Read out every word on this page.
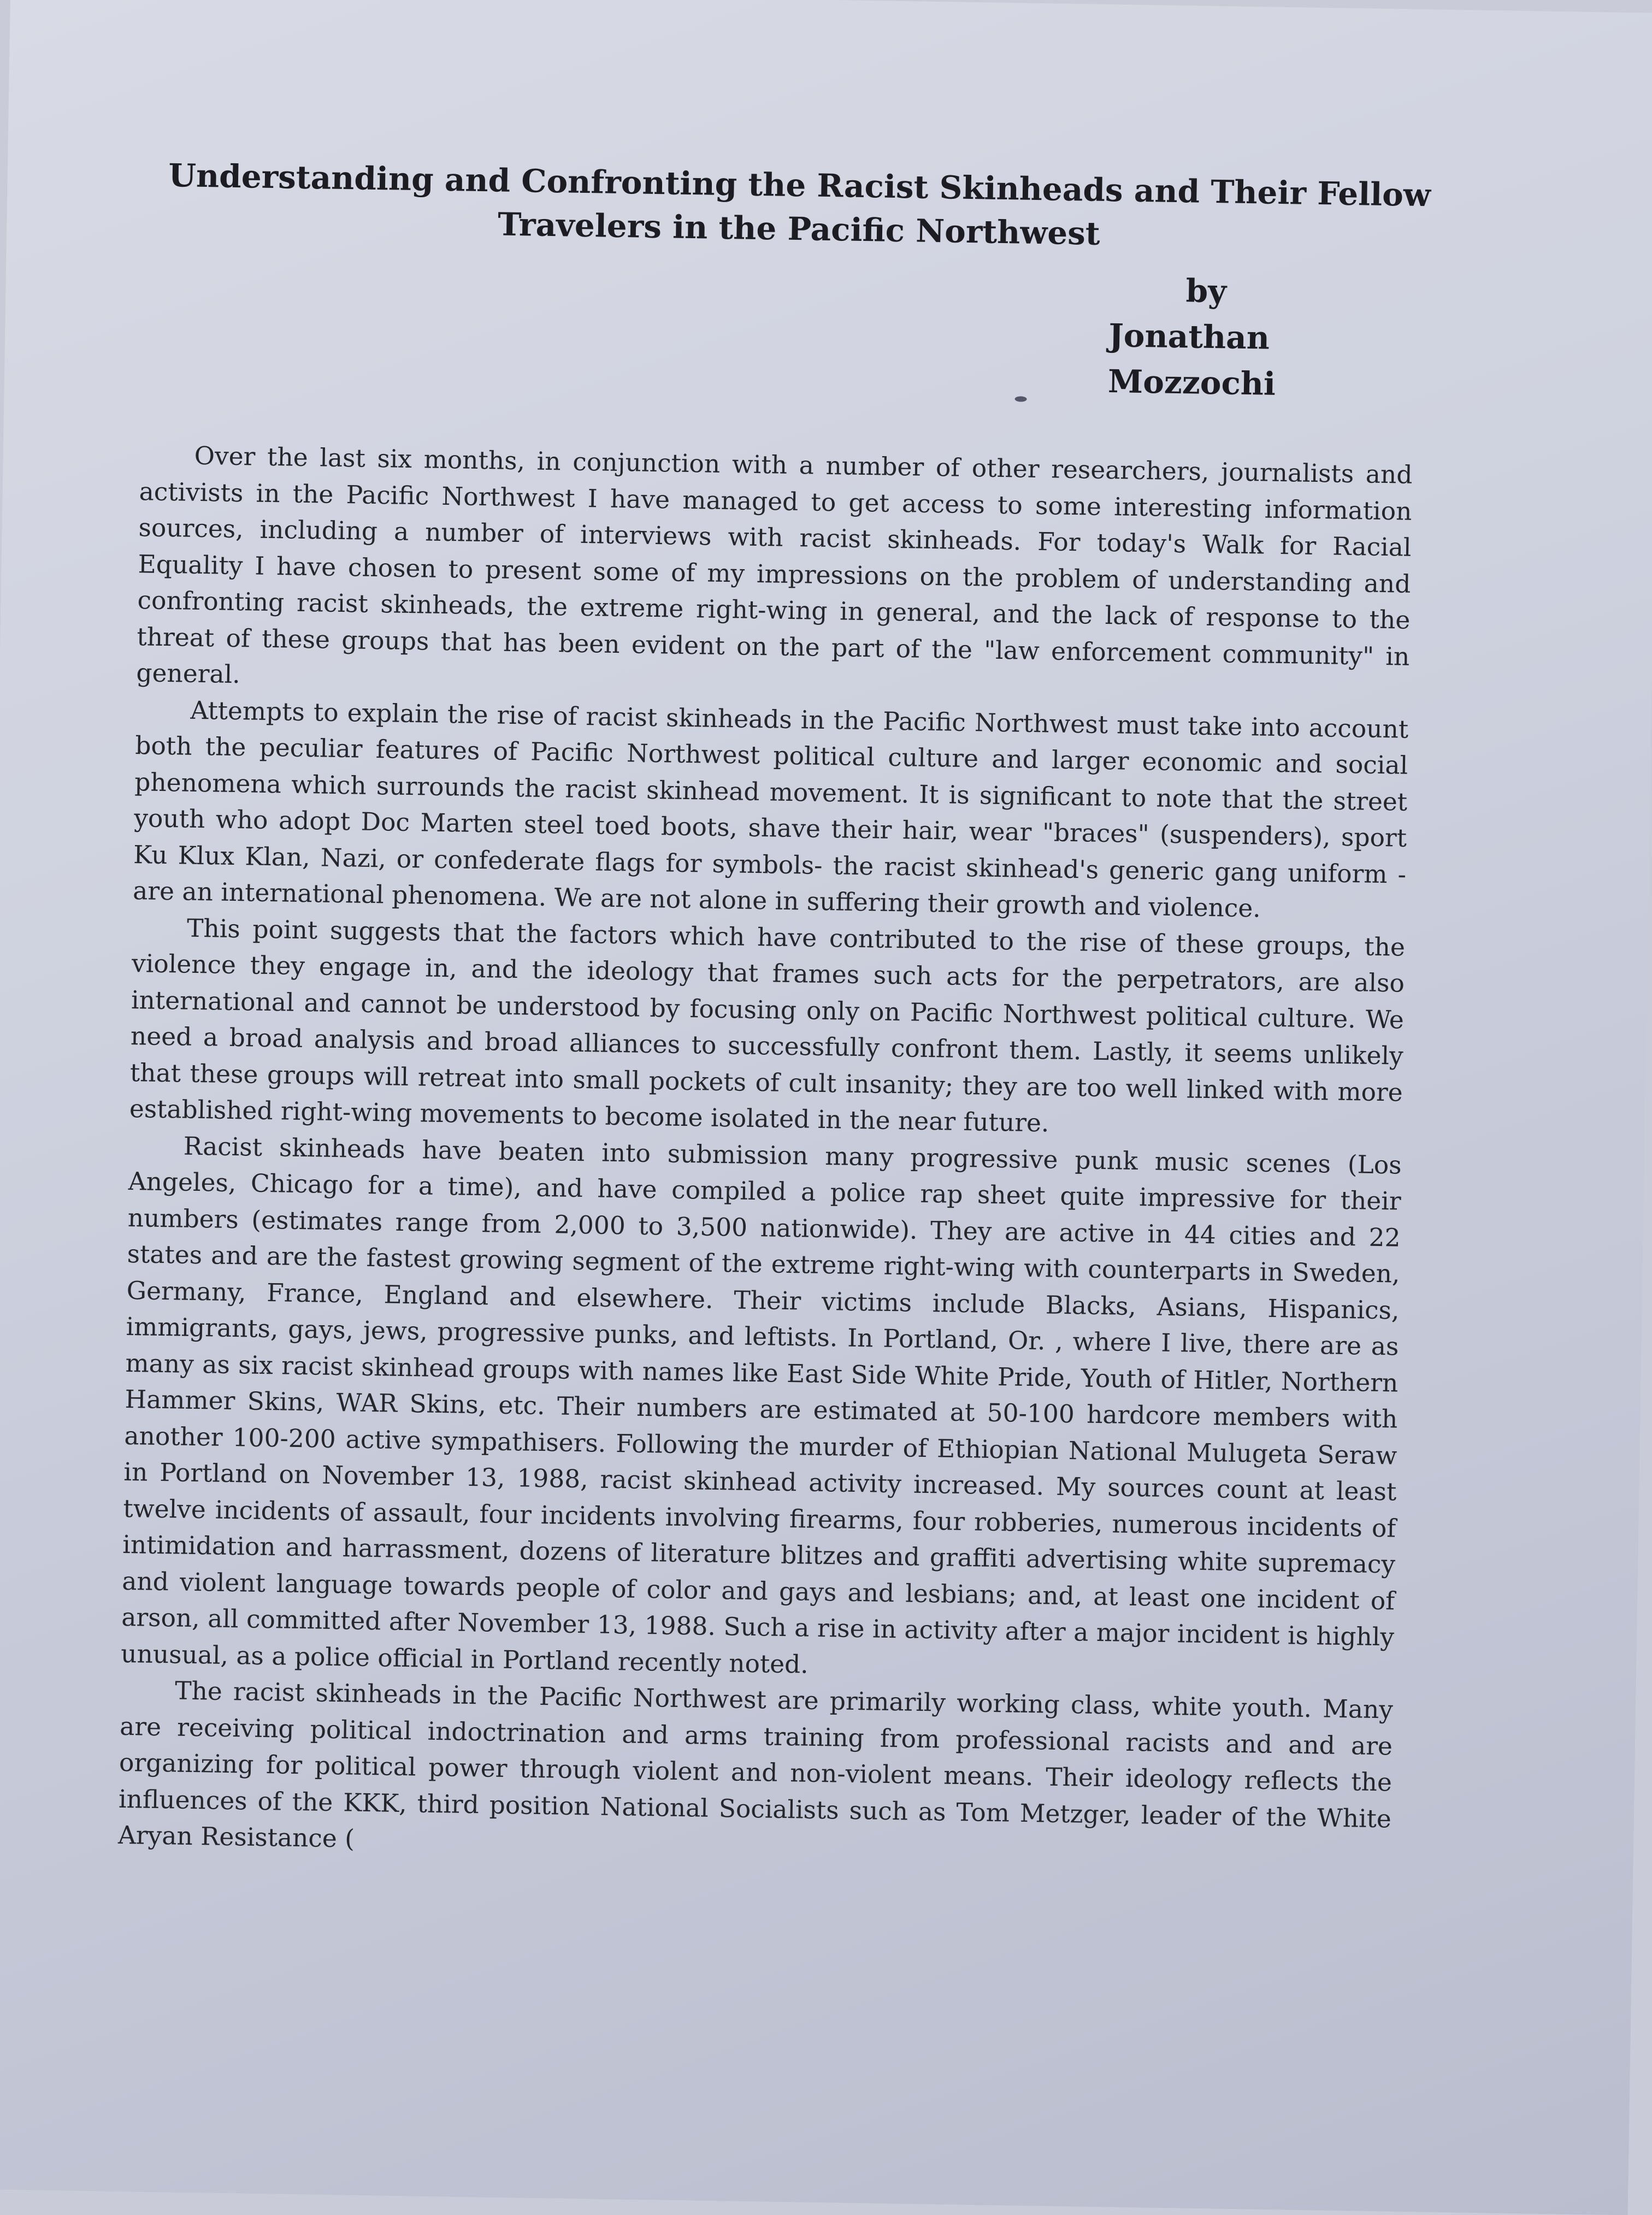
Understanding and Confronting the Racist Skinheads and Their Fellow Travelers in the Pacific Northwest
by
Jonathan
Mozzochi

Over the last six months, in conjunction with a number of other researchers, journalists and activists in the Pacific Northwest I have managed to get access to some interesting information sources, including a number of interviews with racist skinheads. For today's Walk for Racial Equality I have chosen to present some of my impressions on the problem of understanding and confronting racist skinheads, the extreme right-wing in general, and the lack of response to the threat of these groups that has been evident on the part of the "law enforcement community" in general.

Attempts to explain the rise of racist skinheads in the Pacific Northwest must take into account both the peculiar features of Pacific Northwest political culture and larger economic and social phenomena which surrounds the racist skinhead movement. It is significant to note that the street youth who adopt Doc Marten steel toed boots, shave their hair, wear "braces" (suspenders), sport Ku Klux Klan, Nazi, or confederate flags for symbols- the racist skinhead's generic gang uniform -are an international phenomena. We are not alone in suffering their growth and violence.

This point suggests that the factors which have contributed to the rise of these groups, the violence they engage in, and the ideology that frames such acts for the perpetrators, are also international and cannot be understood by focusing only on Pacific Northwest political culture. We need a broad analysis and broad alliances to successfully confront them. Lastly, it seems unlikely that these groups will retreat into small pockets of cult insanity; they are too well linked with more established right-wing movements to become isolated in the near future.

Racist skinheads have beaten into submission many progressive punk music scenes (Los Angeles, Chicago for a time), and have compiled a police rap sheet quite impressive for their numbers (estimates range from 2,000 to 3,500 nationwide). They are active in 44 cities and 22 states and are the fastest growing segment of the extreme right-wing with counterparts in Sweden, Germany, France, England and elsewhere. Their victims include Blacks, Asians, Hispanics, immigrants, gays, jews, progressive punks, and leftists. In Portland, Or. , where I live, there are as many as six racist skinhead groups with names like East Side White Pride, Youth of Hitler, Northern Hammer Skins, WAR Skins, etc. Their numbers are estimated at 50-100 hardcore members with another 100-200 active sympathisers. Following the murder of Ethiopian National Mulugeta Seraw in Portland on November 13, 1988, racist skinhead activity increased. My sources count at least twelve incidents of assault, four incidents involving firearms, four robberies, numerous incidents of intimidation and harrassment, dozens of literature blitzes and graffiti advertising white supremacy and violent language towards people of color and gays and lesbians; and, at least one incident of arson, all committed after November 13, 1988. Such a rise in activity after a major incident is highly unusual, as a police official in Portland recently noted.

The racist skinheads in the Pacific Northwest are primarily working class, white youth. Many are receiving political indoctrination and arms training from professional racists and and are organizing for political power through violent and non-violent means. Their ideology reflects the influences of the KKK, third position National Socialists such as Tom Metzger, leader of the White Aryan Resistance (
